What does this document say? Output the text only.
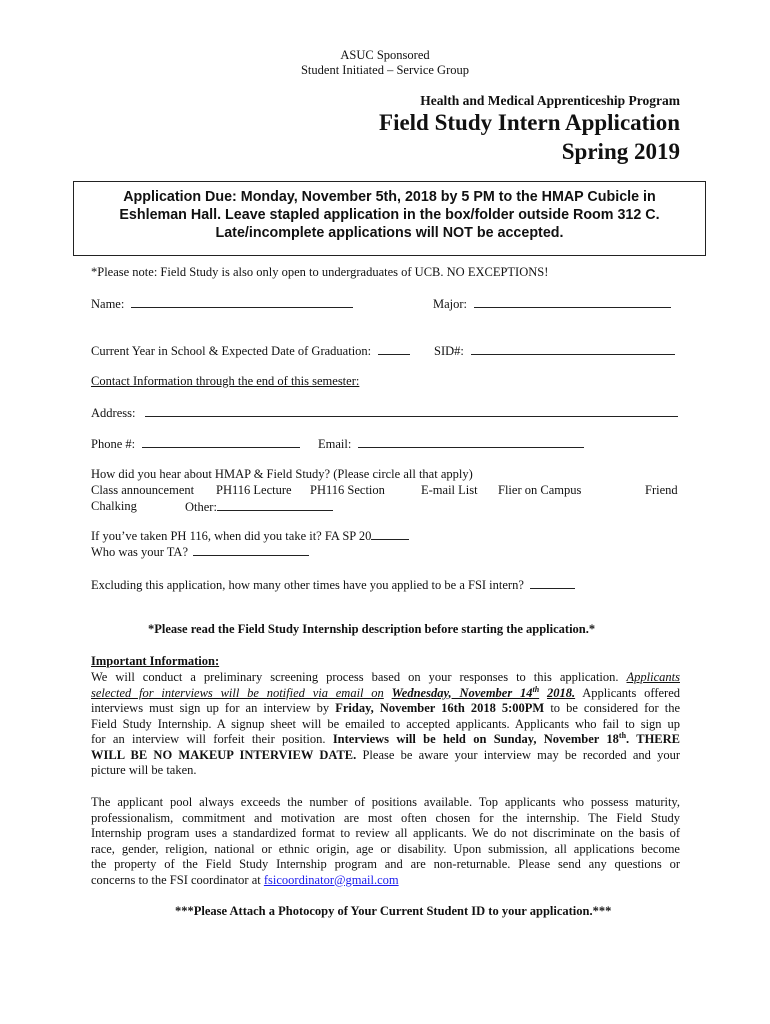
ASUC Sponsored
Student Initiated – Service Group
Health and Medical Apprenticeship Program
Field Study Intern Application
Spring 2019
Application Due: Monday, November 5th, 2018 by 5 PM to the HMAP Cubicle in
Eshleman Hall. Leave stapled application in the box/folder outside Room 312 C.
Late/incomplete applications will NOT be accepted.
*Please note: Field Study is also only open to undergraduates of UCB. NO EXCEPTIONS!
Name:	Major:
Current Year in School & Expected Date of Graduation:	SID#:
Contact Information through the end of this semester:
Address:
Phone #:	Email:
How did you hear about HMAP & Field Study? (Please circle all that apply)
Class announcement PH116 Lecture PH116 Section	E-mail List Flier on Campus	Friend
Chalking	Other:
If you’ve taken PH 116, when did you take it? FA SP 20
Who was your TA?
Excluding this application, how many other times have you applied to be a FSI intern?
*Please read the Field Study Internship description before starting the application.*
Important Information:
We will conduct a preliminary screening process based on your responses to this application. Applicants
selected for interviews will be notified via email on Wednesday, November 14th 2018. Applicants offered
interviews must sign up for an interview by Friday, November 16th 2018 5:00PM to be considered for the
Field Study Internship. A signup sheet will be emailed to accepted applicants. Applicants who fail to sign up
for an interview will forfeit their position. Interviews will be held on Sunday, November 18th. THERE
WILL BE NO MAKEUP INTERVIEW DATE. Please be aware your interview may be recorded and your
picture will be taken.
The applicant pool always exceeds the number of positions available. Top applicants who possess maturity,
professionalism, commitment and motivation are most often chosen for the internship. The Field Study
Internship program uses a standardized format to review all applicants. We do not discriminate on the basis of
race, gender, religion, national or ethnic origin, age or disability. Upon submission, all applications become
the property of the Field Study Internship program and are non-returnable. Please send any questions or
concerns to the FSI coordinator at fsicoordinator@gmail.com
***Please Attach a Photocopy of Your Current Student ID to your application.***
